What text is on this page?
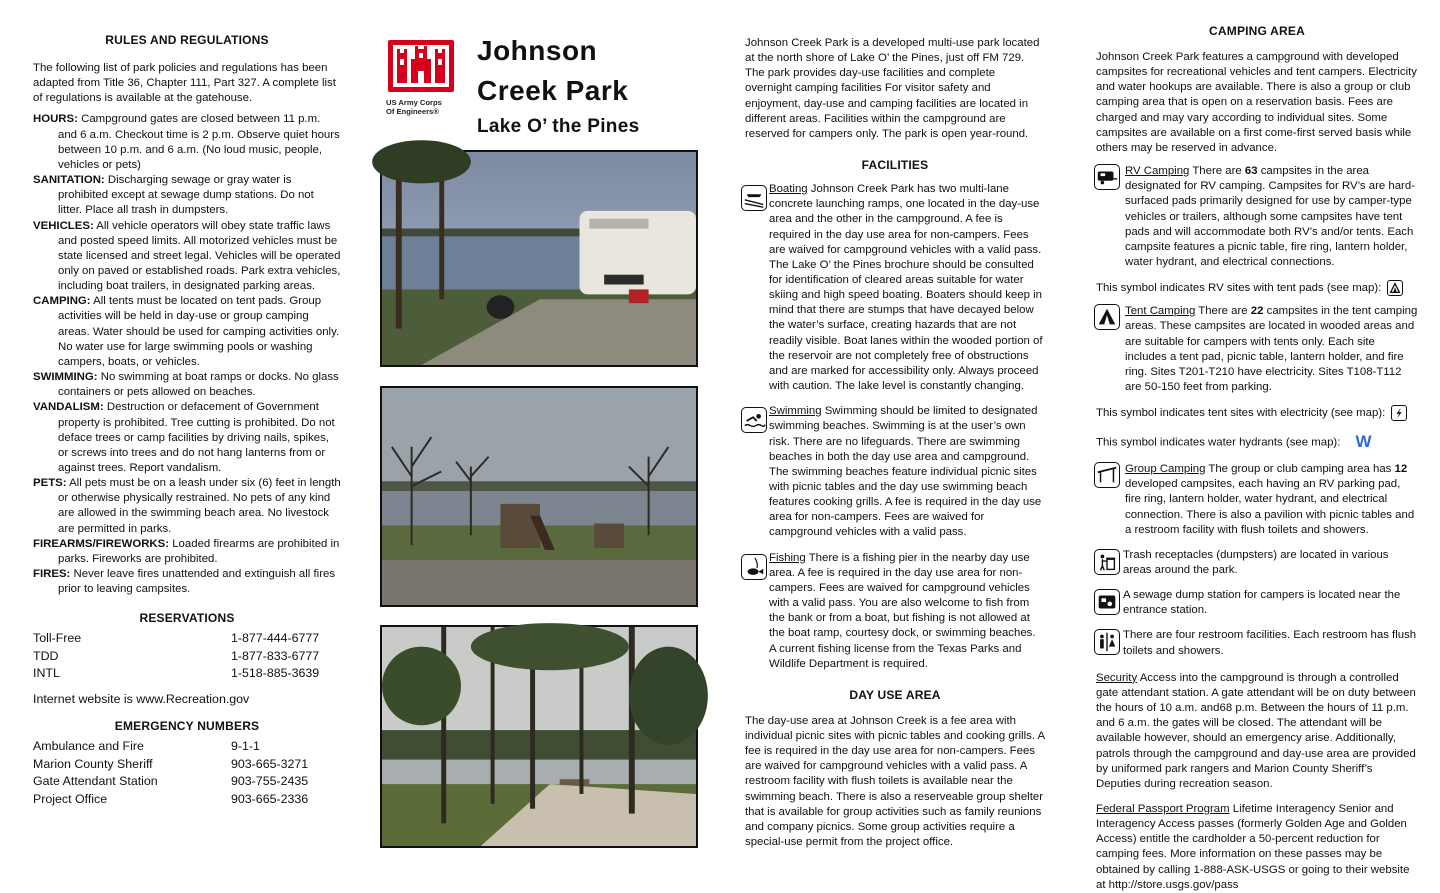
RULES AND REGULATIONS

The following list of park policies and regulations has been adapted from Title 36, Chapter 111, Part 327. A complete list of regulations is available at the gatehouse.

HOURS: Campground gates are closed between 11 p.m. and 6 a.m. Checkout time is 2 p.m. Observe quiet hours between 10 p.m. and 6 a.m. (No loud music, people, vehicles or pets)

SANITATION: Discharging sewage or gray water is prohibited except at sewage dump stations. Do not litter. Place all trash in dumpsters.

VEHICLES: All vehicle operators will obey state traffic laws and posted speed limits. All motorized vehicles must be state licensed and street legal. Vehicles will be operated only on paved or established roads. Park extra vehicles, including boat trailers, in designated parking areas.

CAMPING: All tents must be located on tent pads. Group activities will be held in day-use or group camping areas. Water should be used for camping activities only. No water use for large swimming pools or washing campers, boats, or vehicles.

SWIMMING: No swimming at boat ramps or docks. No glass containers or pets allowed on beaches.

VANDALISM: Destruction or defacement of Government property is prohibited. Tree cutting is prohibited. Do not deface trees or camp facilities by driving nails, spikes, or screws into trees and do not hang lanterns from or against trees. Report vandalism.

PETS: All pets must be on a leash under six (6) feet in length or otherwise physically restrained. No pets of any kind are allowed in the swimming beach area. No livestock are permitted in parks.

FIREARMS/FIREWORKS: Loaded firearms are prohibited in parks. Fireworks are prohibited.

FIRES: Never leave fires unattended and extinguish all fires prior to leaving campsites.

RESERVATIONS
Toll-Free	1-877-444-6777
TDD	1-877-833-6777
INTL	1-518-885-3639

Internet website is www.Recreation.gov

EMERGENCY NUMBERS
Ambulance and Fire	9-1-1
Marion County Sheriff	903-665-3271
Gate Attendant Station	903-755-2435
Project Office	903-665-2336
US Army Corps
Of Engineers®
Johnson
Creek Park
Lake O’ the Pines

Johnson Creek Park is a developed multi-use park located at the north shore of Lake O’ the Pines, just off FM 729. The park provides day-use facilities and complete overnight camping facilities For visitor safety and enjoyment, day-use and camping facilities are located in different areas. Facilities within the campground are reserved for campers only. The park is open year-round.

FACILITIES

Boating Johnson Creek Park has two multi-lane concrete launching ramps, one located in the day-use area and the other in the campground. A fee is required in the day use area for non-campers. Fees are waived for campground vehicles with a valid pass. The Lake O’ the Pines brochure should be consulted for identification of cleared areas suitable for water skiing and high speed boating. Boaters should keep in mind that there are stumps that have decayed below the water’s surface, creating hazards that are not readily visible. Boat lanes within the wooded portion of the reservoir are not completely free of obstructions and are marked for accessibility only. Always proceed with caution. The lake level is constantly changing.

Swimming Swimming should be limited to designated swimming beaches. Swimming is at the user’s own risk. There are no lifeguards. There are swimming beaches in both the day use area and campground. The swimming beaches feature individual picnic sites with picnic tables and the day use swimming beach features cooking grills. A fee is required in the day use area for non-campers. Fees are waived for campground vehicles with a valid pass.

Fishing There is a fishing pier in the nearby day use area. A fee is required in the day use area for non-campers. Fees are waived for campground vehicles with a valid pass. You are also welcome to fish from the bank or from a boat, but fishing is not allowed at the boat ramp, courtesy dock, or swimming beaches. A current fishing license from the Texas Parks and Wildlife Department is required.

DAY USE AREA

The day-use area at Johnson Creek is a fee area with individual picnic sites with picnic tables and cooking grills. A fee is required in the day use area for non-campers. Fees are waived for campground vehicles with a valid pass. A restroom facility with flush toilets is available near the swimming beach. There is also a reserveable group shelter that is available for group activities such as family reunions and company picnics. Some group activities require a special-use permit from the project office.

CAMPING AREA

Johnson Creek Park features a campground with developed campsites for recreational vehicles and tent campers. Electricity and water hookups are available. There is also a group or club camping area that is open on a reservation basis. Fees are charged and may vary according to individual sites. Some campsites are available on a first come-first served basis while others may be reserved in advance.

RV Camping There are 63 campsites in the area designated for RV camping. Campsites for RV’s are hard-surfaced pads primarily designed for use by camper-type vehicles or trailers, although some campsites have tent pads and will accommodate both RV’s and/or tents. Each campsite features a picnic table, fire ring, lantern holder, water hydrant, and electrical connections.

This symbol indicates RV sites with tent pads (see map):

Tent Camping There are 22 campsites in the tent camping areas. These campsites are located in wooded areas and are suitable for campers with tents only. Each site includes a tent pad, picnic table, lantern holder, and fire ring. Sites T201-T210 have electricity. Sites T108-T112 are 50-150 feet from parking.

This symbol indicates tent sites with electricity (see map):

This symbol indicates water hydrants (see map): W

Group Camping The group or club camping area has 12 developed campsites, each having an RV parking pad, fire ring, lantern holder, water hydrant, and electrical connection. There is also a pavilion with picnic tables and a restroom facility with flush toilets and showers.

Trash receptacles (dumpsters) are located in various areas around the park.

A sewage dump station for campers is located near the entrance station.

There are four restroom facilities. Each restroom has flush toilets and showers.

Security Access into the campground is through a controlled gate attendant station. A gate attendant will be on duty between the hours of 10 a.m. and68 p.m. Between the hours of 11 p.m. and 6 a.m. the gates will be closed. The attendant will be available however, should an emergency arise. Additionally, patrols through the campground and day-use area are provided by uniformed park rangers and Marion County Sheriff’s Deputies during recreation season.

Federal Passport Program Lifetime Interagency Senior and Interagency Access passes (formerly Golden Age and Golden Access) entitle the cardholder a 50-percent reduction for camping fees. More information on these passes may be obtained by calling 1-888-ASK-USGS or going to their website at http://store.usgs.gov/pass
